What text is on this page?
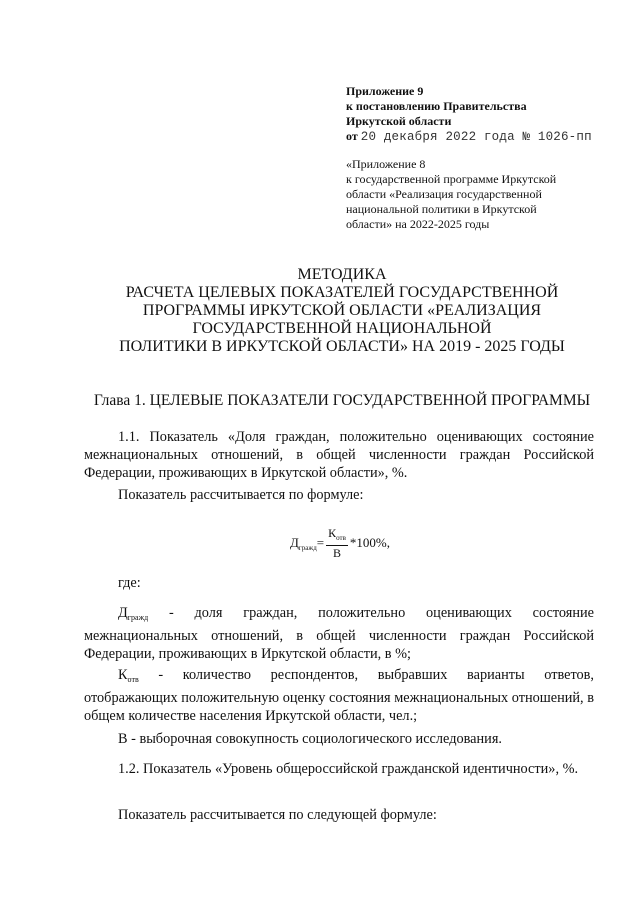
Приложение 9
к постановлению Правительства
Иркутской области
от 20 декабря 2022 года № 1026-пп
«Приложение 8
к государственной программе Иркутской
области «Реализация государственной
национальной политики в Иркутской
области» на 2022-2025 годы
МЕТОДИКА
РАСЧЕТА ЦЕЛЕВЫХ ПОКАЗАТЕЛЕЙ ГОСУДАРСТВЕННОЙ
ПРОГРАММЫ ИРКУТСКОЙ ОБЛАСТИ «РЕАЛИЗАЦИЯ
ГОСУДАРСТВЕННОЙ НАЦИОНАЛЬНОЙ
ПОЛИТИКИ В ИРКУТСКОЙ ОБЛАСТИ» НА 2019 - 2025 ГОДЫ
Глава 1. ЦЕЛЕВЫЕ ПОКАЗАТЕЛИ ГОСУДАРСТВЕННОЙ ПРОГРАММЫ
1.1. Показатель «Доля граждан, положительно оценивающих состояние межнациональных отношений, в общей численности граждан Российской Федерации, проживающих в Иркутской области», %.
Показатель рассчитывается по формуле:
$Д_{гражд} = \frac{К_{отв}}{В} *100\%$,
где:
$Д_{гражд}$ - доля граждан, положительно оценивающих состояние межнациональных отношений, в общей численности граждан Российской Федерации, проживающих в Иркутской области, в %;
$К_{отв}$ - количество респондентов, выбравших варианты ответов, отображающих положительную оценку состояния межнациональных отношений, в общем количестве населения Иркутской области, чел.;
В - выборочная совокупность социологического исследования.
1.2. Показатель «Уровень общероссийской гражданской идентичности», %.
Показатель рассчитывается по следующей формуле:
